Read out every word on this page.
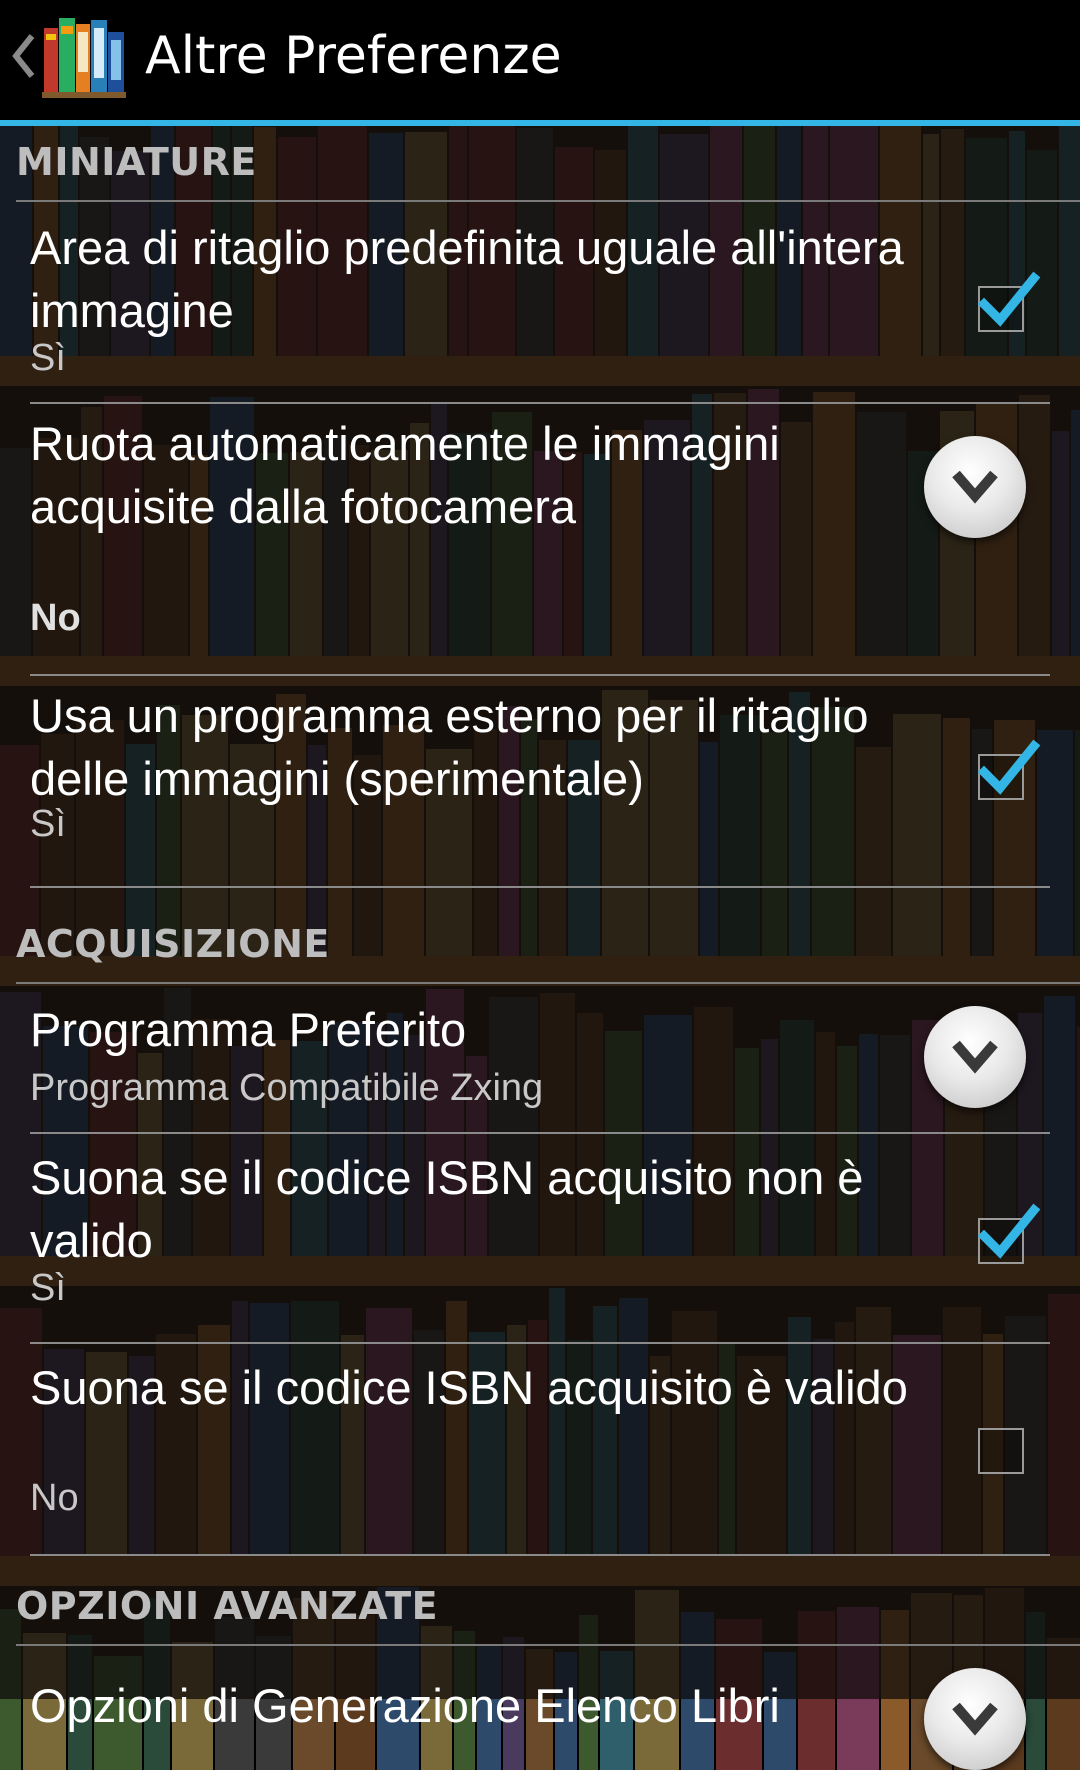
Altre Preferenze
MINIATURE
Area di ritaglio predefinita uguale all'intera immagine
Sì
Ruota automaticamente le immagini acquisite dalla fotocamera
No
Usa un programma esterno per il ritaglio delle immagini (sperimentale)
Sì
ACQUISIZIONE
Programma Preferito
Programma Compatibile Zxing
Suona se il codice ISBN acquisito non è valido
Sì
Suona se il codice ISBN acquisito è valido
No
OPZIONI AVANZATE
Opzioni di Generazione Elenco Libri
